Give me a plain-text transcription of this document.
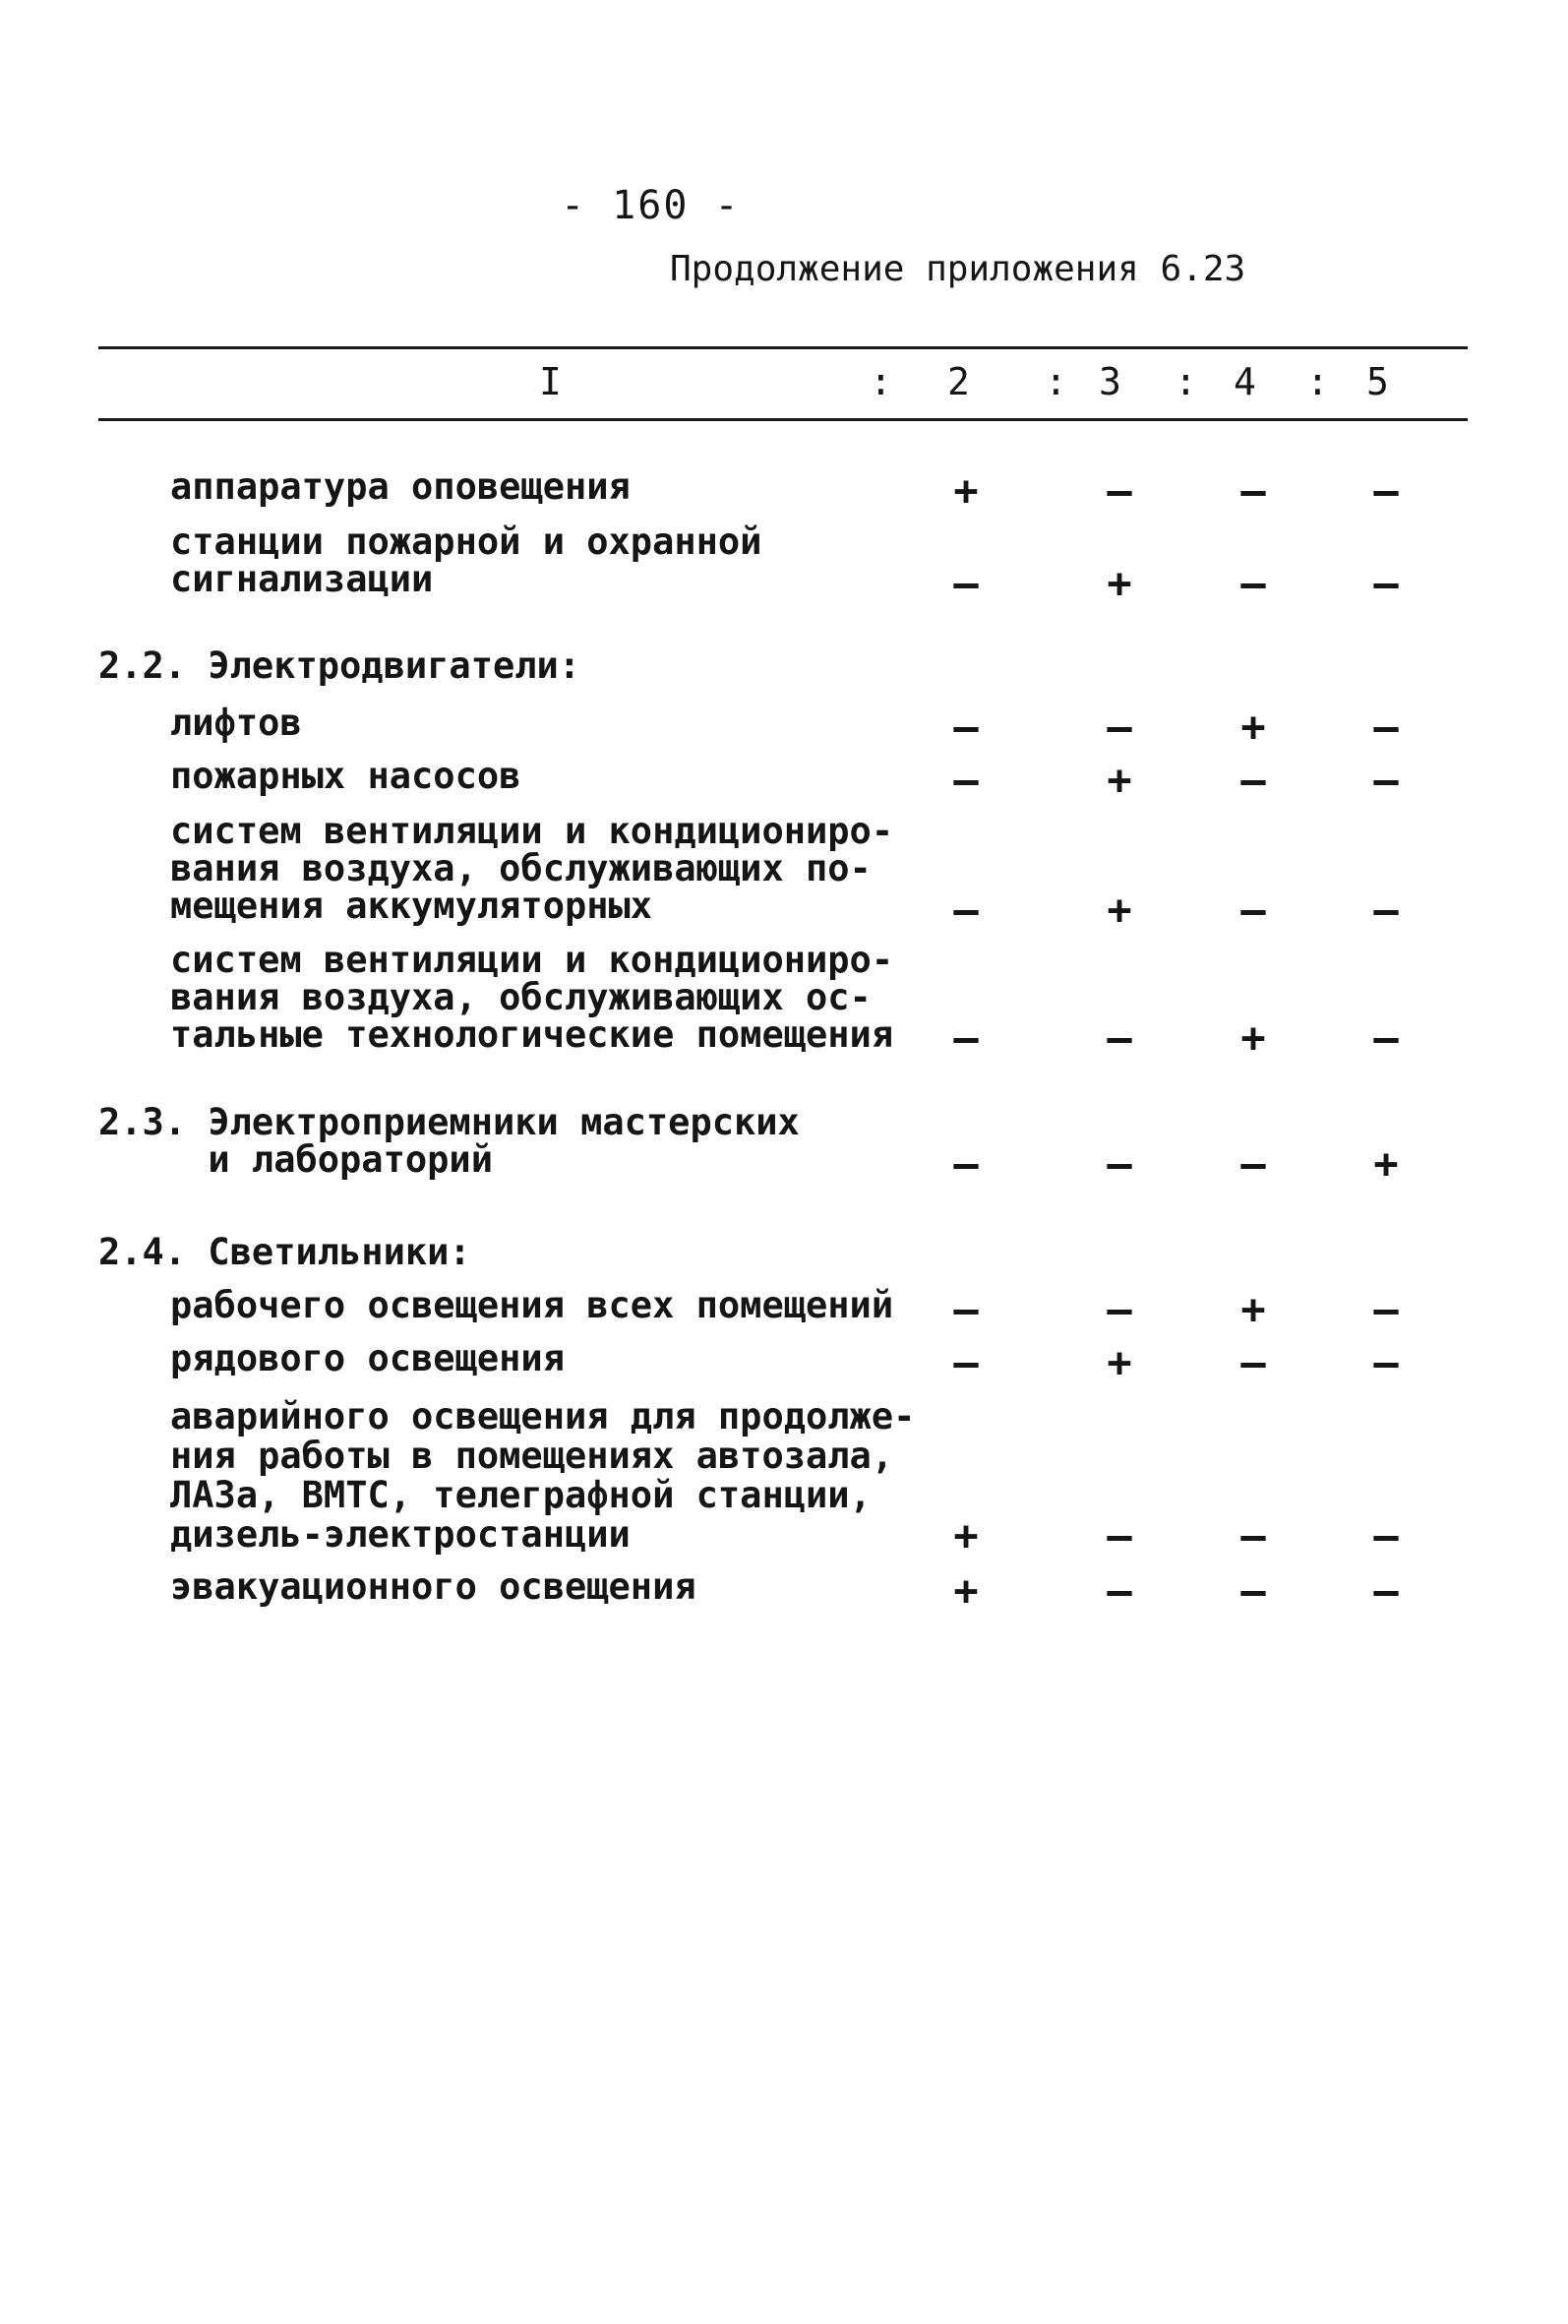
- 160 -
Продолжение приложения 6.23
I	: 2 : 3 : 4 : 5
аппаратура оповещения	+	–	–	–
станции пожарной и охранной
сигнализации	–	+	–	–
2.2. Электродвигатели:
лифтов	–	–	+	–
пожарных насосов	–	+	–	–
систем вентиляции и кондициониро-
вания воздуха, обслуживающих по-
мещения аккумуляторных	–	+	–	–
систем вентиляции и кондициониро-
вания воздуха, обслуживающих ос-
тальные технологические помещения –	–	+	–
2.3. Электроприемники мастерских
и лабораторий	–	–	–	+
2.4. Светильники:
рабочего освещения всех помещений –	–	+	–
рядового освещения	–	+	–	–
аварийного освещения для продолже-
ния работы в помещениях автозала,
ЛАЗа, ВМТС, телеграфной станции,
дизель-электростанции	+	–	–	–
эвакуационного освещения	+	–	–	–
